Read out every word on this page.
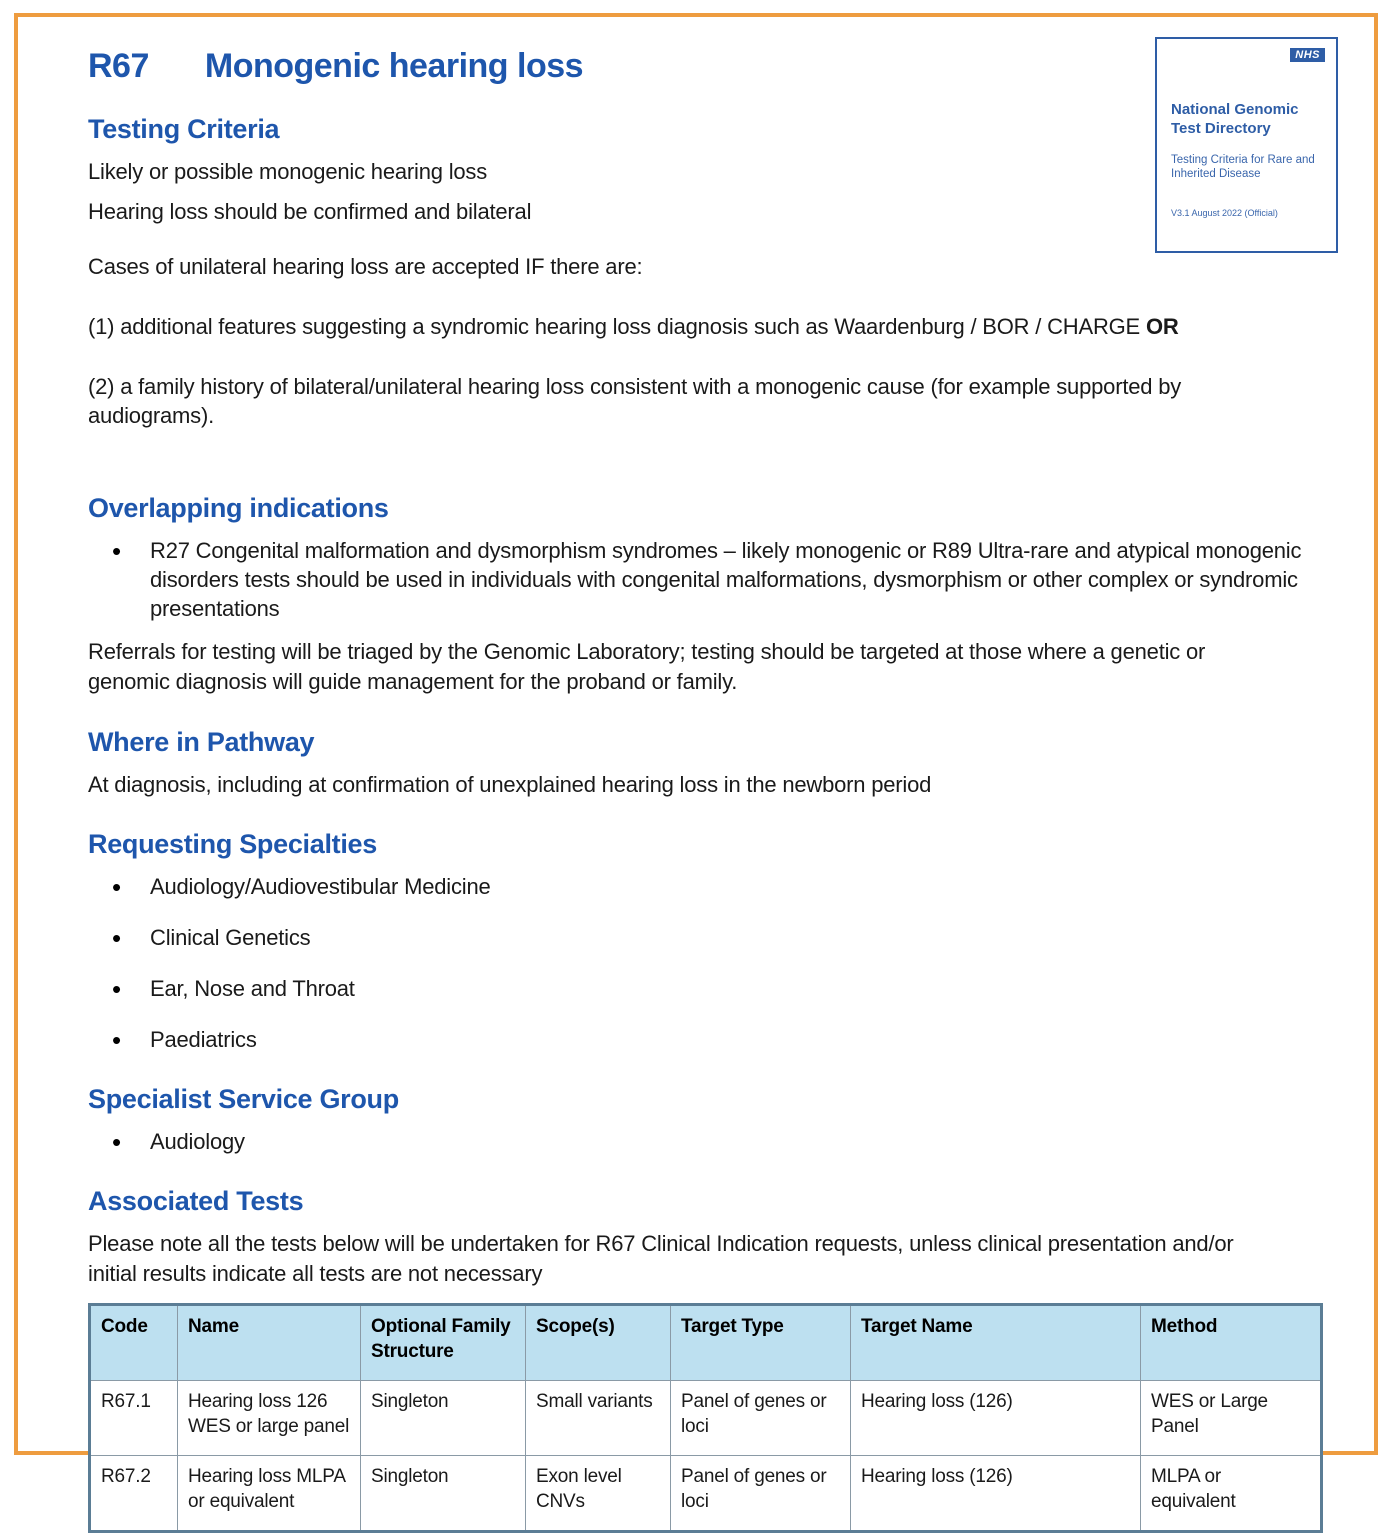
NHS
National Genomic Test Directory
Testing Criteria for Rare and Inherited Disease
V3.1 August 2022 (Official)
R67 Monogenic hearing loss
Testing Criteria

Likely or possible monogenic hearing loss

Hearing loss should be confirmed and bilateral

Cases of unilateral hearing loss are accepted IF there are:

(1) additional features suggesting a syndromic hearing loss diagnosis such as Waardenburg / BOR / CHARGE OR

(2) a family history of bilateral/unilateral hearing loss consistent with a monogenic cause (for example supported by audiograms).

Overlapping indications
• R27 Congenital malformation and dysmorphism syndromes – likely monogenic or R89 Ultra-rare and atypical monogenic disorders tests should be used in individuals with congenital malformations, dysmorphism or other complex or syndromic presentations

Referrals for testing will be triaged by the Genomic Laboratory; testing should be targeted at those where a genetic or genomic diagnosis will guide management for the proband or family.

Where in Pathway

At diagnosis, including at confirmation of unexplained hearing loss in the newborn period

Requesting Specialties
• Audiology/Audiovestibular Medicine
• Clinical Genetics
• Ear, Nose and Throat
• Paediatrics
Specialist Service Group
• Audiology
Associated Tests

Please note all the tests below will be undertaken for R67 Clinical Indication requests, unless clinical presentation and/or initial results indicate all tests are not necessary

Code	Name	Optional Family Structure	Scope(s)	Target Type	Target Name	Method
R67.1	Hearing loss 126 WES or large panel	Singleton	Small variants	Panel of genes or loci	Hearing loss (126)	WES or Large Panel
R67.2	Hearing loss MLPA or equivalent	Singleton	Exon level CNVs	Panel of genes or loci	Hearing loss (126)	MLPA or equivalent
